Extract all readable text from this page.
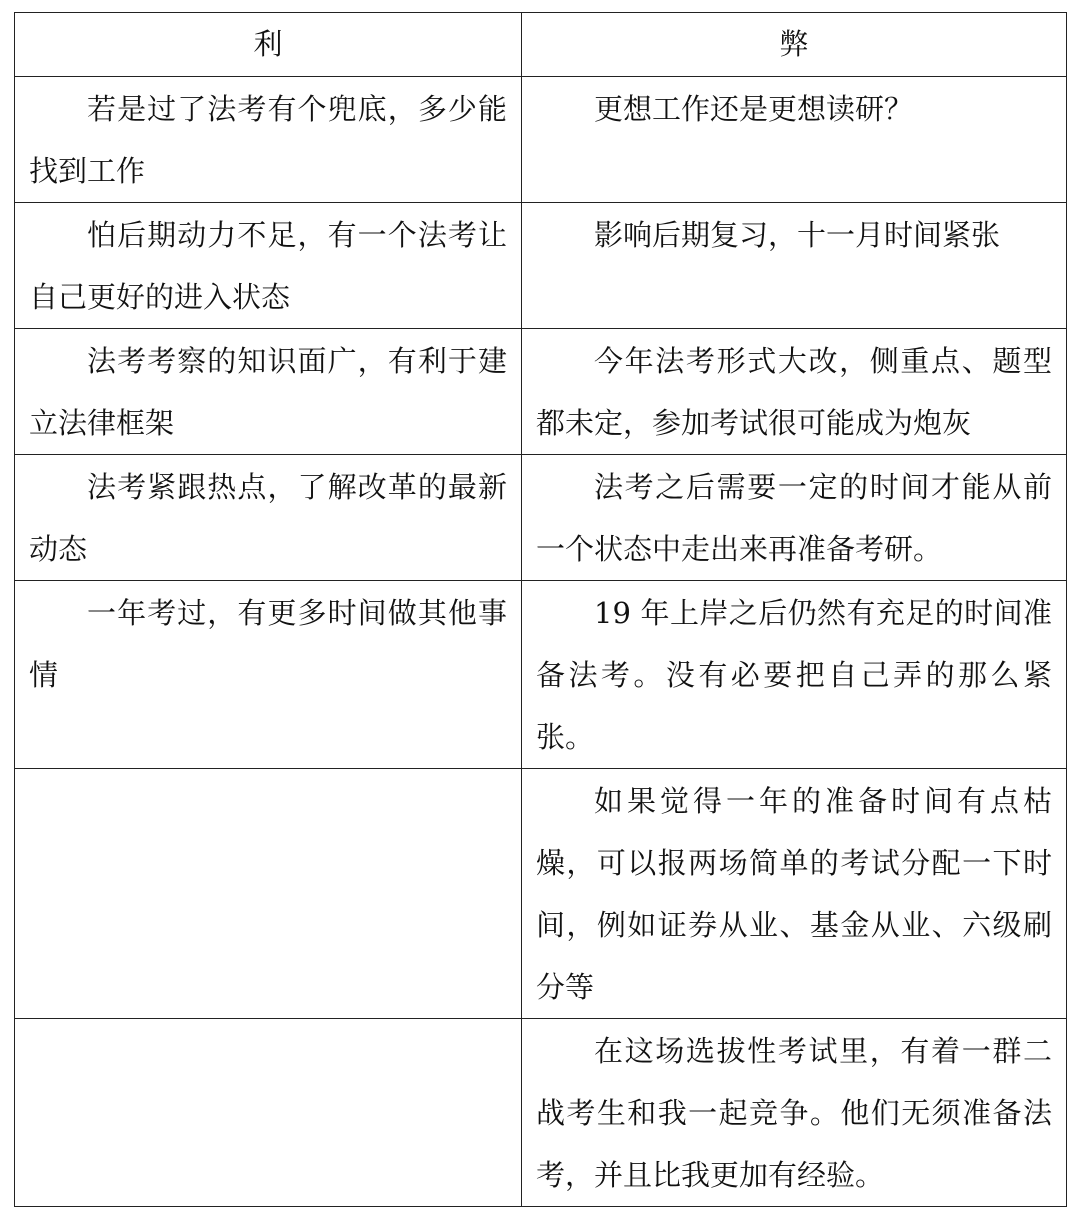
利	弊

若是过了法考有个兜底，多少能找到工作	更想工作还是更想读研？

怕后期动力不足，有一个法考让自己更好的进入状态	影响后期复习，十一月时间紧张

法考考察的知识面广，有利于建立法律框架	今年法考形式大改，侧重点、题型都未定，参加考试很可能成为炮灰

法考紧跟热点，了解改革的最新动态	法考之后需要一定的时间才能从前一个状态中走出来再准备考研。

一年考过，有更多时间做其他事情	19 年上岸之后仍然有充足的时间准备法考。没有必要把自己弄的那么紧张。

	如果觉得一年的准备时间有点枯燥，可以报两场简单的考试分配一下时间，例如证券从业、基金从业、六级刷分等

	在这场选拔性考试里，有着一群二战考生和我一起竞争。他们无须准备法考，并且比我更加有经验。
